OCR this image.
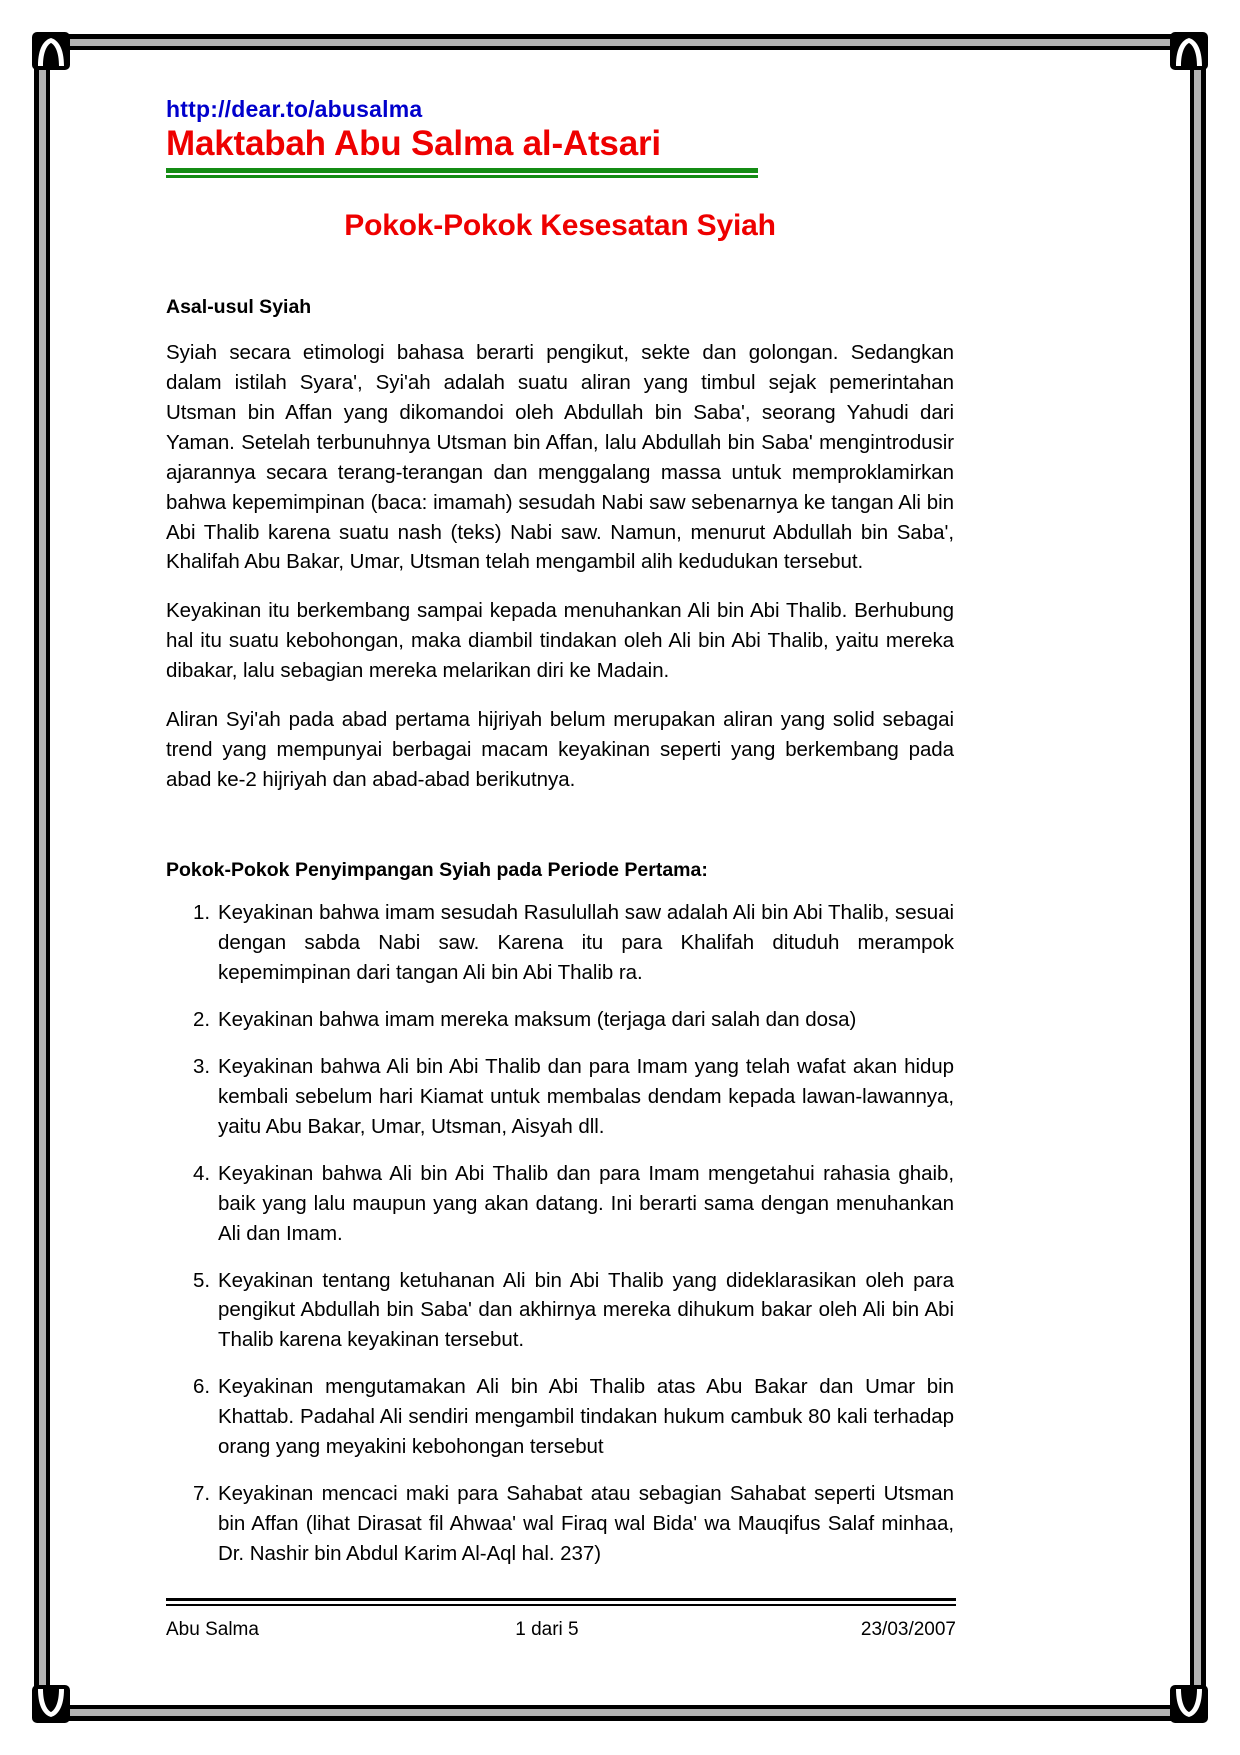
http://dear.to/abusalma
Maktabah Abu Salma al-Atsari
Pokok-Pokok Kesesatan Syiah
Asal-usul Syiah

Syiah secara etimologi bahasa berarti pengikut, sekte dan golongan. Sedangkan dalam istilah Syara', Syi'ah adalah suatu aliran yang timbul sejak pemerintahan Utsman bin Affan yang dikomandoi oleh Abdullah bin Saba', seorang Yahudi dari Yaman. Setelah terbunuhnya Utsman bin Affan, lalu Abdullah bin Saba' mengintrodusir ajarannya secara terang-terangan dan menggalang massa untuk memproklamirkan bahwa kepemimpinan (baca: imamah) sesudah Nabi saw sebenarnya ke tangan Ali bin Abi Thalib karena suatu nash (teks) Nabi saw. Namun, menurut Abdullah bin Saba', Khalifah Abu Bakar, Umar, Utsman telah mengambil alih kedudukan tersebut.

Keyakinan itu berkembang sampai kepada menuhankan Ali bin Abi Thalib. Berhubung hal itu suatu kebohongan, maka diambil tindakan oleh Ali bin Abi Thalib, yaitu mereka dibakar, lalu sebagian mereka melarikan diri ke Madain.

Aliran Syi'ah pada abad pertama hijriyah belum merupakan aliran yang solid sebagai trend yang mempunyai berbagai macam keyakinan seperti yang berkembang pada abad ke-2 hijriyah dan abad-abad berikutnya.

Pokok-Pokok Penyimpangan Syiah pada Periode Pertama:
Keyakinan bahwa imam sesudah Rasulullah saw adalah Ali bin Abi Thalib, sesuai dengan sabda Nabi saw. Karena itu para Khalifah dituduh merampok kepemimpinan dari tangan Ali bin Abi Thalib ra.
Keyakinan bahwa imam mereka maksum (terjaga dari salah dan dosa)
Keyakinan bahwa Ali bin Abi Thalib dan para Imam yang telah wafat akan hidup kembali sebelum hari Kiamat untuk membalas dendam kepada lawan-lawannya, yaitu Abu Bakar, Umar, Utsman, Aisyah dll.
Keyakinan bahwa Ali bin Abi Thalib dan para Imam mengetahui rahasia ghaib, baik yang lalu maupun yang akan datang. Ini berarti sama dengan menuhankan Ali dan Imam.
Keyakinan tentang ketuhanan Ali bin Abi Thalib yang dideklarasikan oleh para pengikut Abdullah bin Saba' dan akhirnya mereka dihukum bakar oleh Ali bin Abi Thalib karena keyakinan tersebut.
Keyakinan mengutamakan Ali bin Abi Thalib atas Abu Bakar dan Umar bin Khattab. Padahal Ali sendiri mengambil tindakan hukum cambuk 80 kali terhadap orang yang meyakini kebohongan tersebut
Keyakinan mencaci maki para Sahabat atau sebagian Sahabat seperti Utsman bin Affan (lihat Dirasat fil Ahwaa' wal Firaq wal Bida' wa Mauqifus Salaf minhaa, Dr. Nashir bin Abdul Karim Al-Aql hal. 237)
Abu Salma	1 dari 5	23/03/2007
